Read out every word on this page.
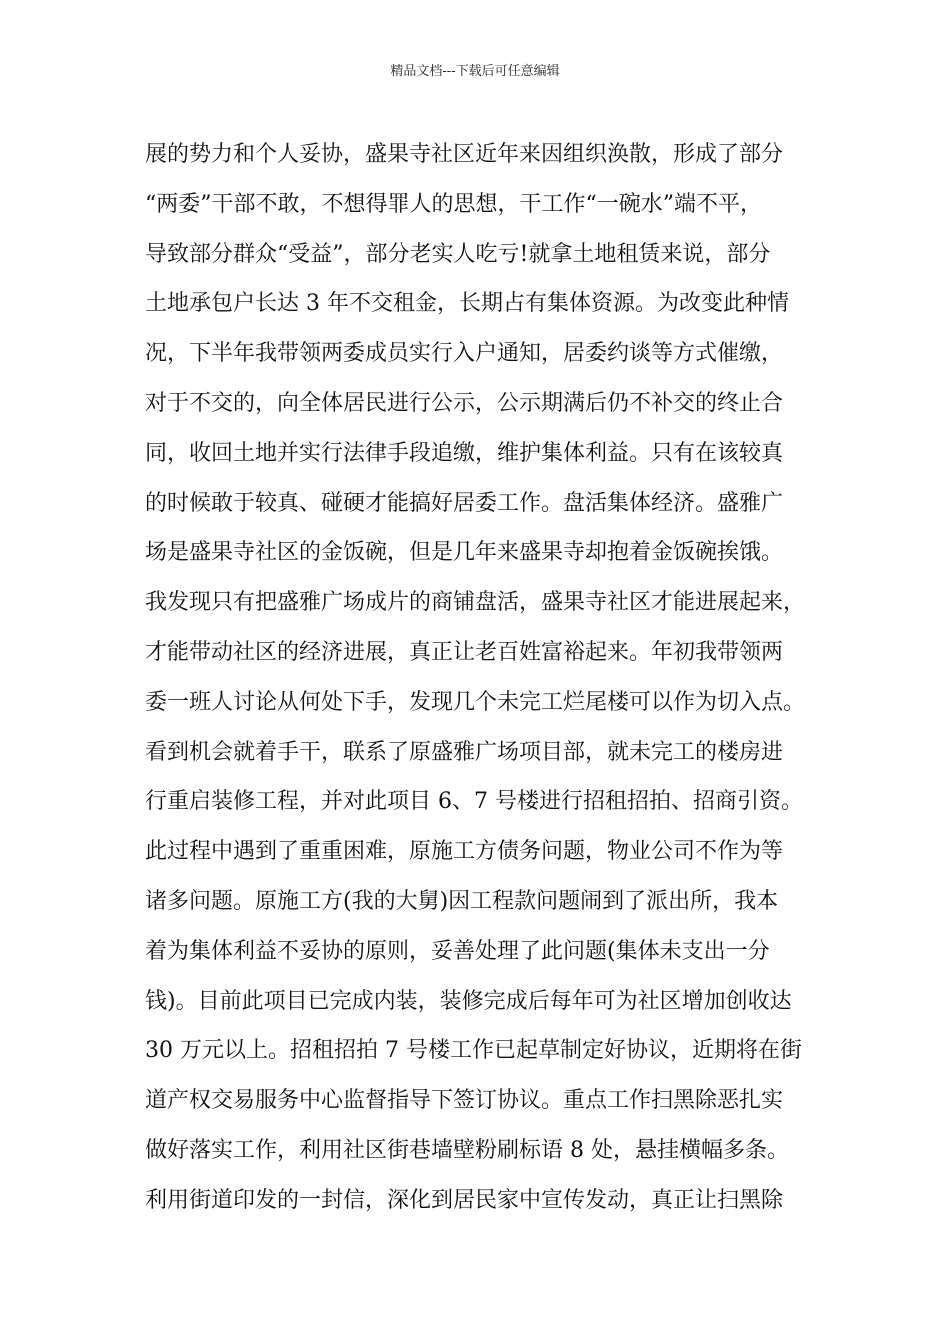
精品文档---下载后可任意编辑
展的势力和个人妥协，盛果寺社区近年来因组织涣散，形成了部分
“两委”干部不敢，不想得罪人的思想，干工作“一碗水”端不平，
导致部分群众“受益”，部分老实人吃亏!就拿土地租赁来说，部分
土地承包户长达 3 年不交租金，长期占有集体资源。为改变此种情
况，下半年我带领两委成员实行入户通知，居委约谈等方式催缴，
对于不交的，向全体居民进行公示，公示期满后仍不补交的终止合
同，收回土地并实行法律手段追缴，维护集体利益。只有在该较真
的时候敢于较真、碰硬才能搞好居委工作。盘活集体经济。盛雅广
场是盛果寺社区的金饭碗，但是几年来盛果寺却抱着金饭碗挨饿。
我发现只有把盛雅广场成片的商铺盘活，盛果寺社区才能进展起来，
才能带动社区的经济进展，真正让老百姓富裕起来。年初我带领两
委一班人讨论从何处下手，发现几个未完工烂尾楼可以作为切入点。
看到机会就着手干，联系了原盛雅广场项目部，就未完工的楼房进
行重启装修工程，并对此项目 6、7 号楼进行招租招拍、招商引资。
此过程中遇到了重重困难，原施工方债务问题，物业公司不作为等
诸多问题。原施工方(我的大舅)因工程款问题闹到了派出所，我本
着为集体利益不妥协的原则，妥善处理了此问题(集体未支出一分
钱)。目前此项目已完成内装，装修完成后每年可为社区增加创收达
30 万元以上。招租招拍 7 号楼工作已起草制定好协议，近期将在街
道产权交易服务中心监督指导下签订协议。重点工作扫黑除恶扎实
做好落实工作，利用社区街巷墙壁粉刷标语 8 处，悬挂横幅多条。
利用街道印发的一封信，深化到居民家中宣传发动，真正让扫黑除
